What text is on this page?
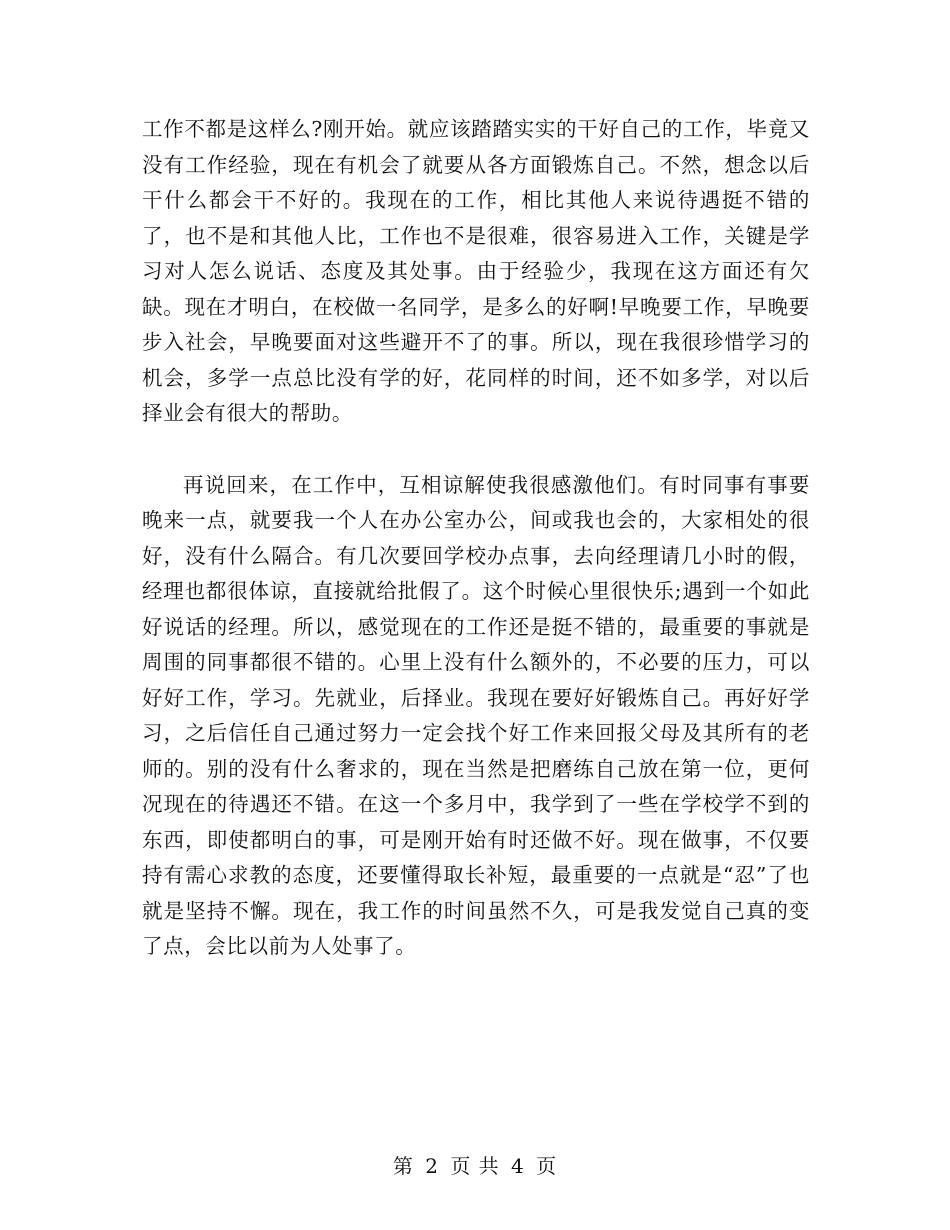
工作不都是这样么?刚开始。就应该踏踏实实的干好自己的工作，毕竟又没有工作经验，现在有机会了就要从各方面锻炼自己。不然，想念以后干什么都会干不好的。我现在的工作，相比其他人来说待遇挺不错的了，也不是和其他人比，工作也不是很难，很容易进入工作，关键是学习对人怎么说话、态度及其处事。由于经验少，我现在这方面还有欠缺。现在才明白，在校做一名同学，是多么的好啊!早晚要工作，早晚要步入社会，早晚要面对这些避开不了的事。所以，现在我很珍惜学习的机会，多学一点总比没有学的好，花同样的时间，还不如多学，对以后择业会有很大的帮助。

再说回来，在工作中，互相谅解使我很感激他们。有时同事有事要晚来一点，就要我一个人在办公室办公，间或我也会的，大家相处的很好，没有什么隔合。有几次要回学校办点事，去向经理请几小时的假，经理也都很体谅，直接就给批假了。这个时候心里很快乐;遇到一个如此好说话的经理。所以，感觉现在的工作还是挺不错的，最重要的事就是周围的同事都很不错的。心里上没有什么额外的，不必要的压力，可以好好工作，学习。先就业，后择业。我现在要好好锻炼自己。再好好学习，之后信任自己通过努力一定会找个好工作来回报父母及其所有的老师的。别的没有什么奢求的，现在当然是把磨练自己放在第一位，更何况现在的待遇还不错。在这一个多月中，我学到了一些在学校学不到的东西，即使都明白的事，可是刚开始有时还做不好。现在做事，不仅要持有需心求教的态度，还要懂得取长补短，最重要的一点就是“忍”了也就是坚持不懈。现在，我工作的时间虽然不久，可是我发觉自己真的变了点，会比以前为人处事了。

第 2 页 共 4 页
